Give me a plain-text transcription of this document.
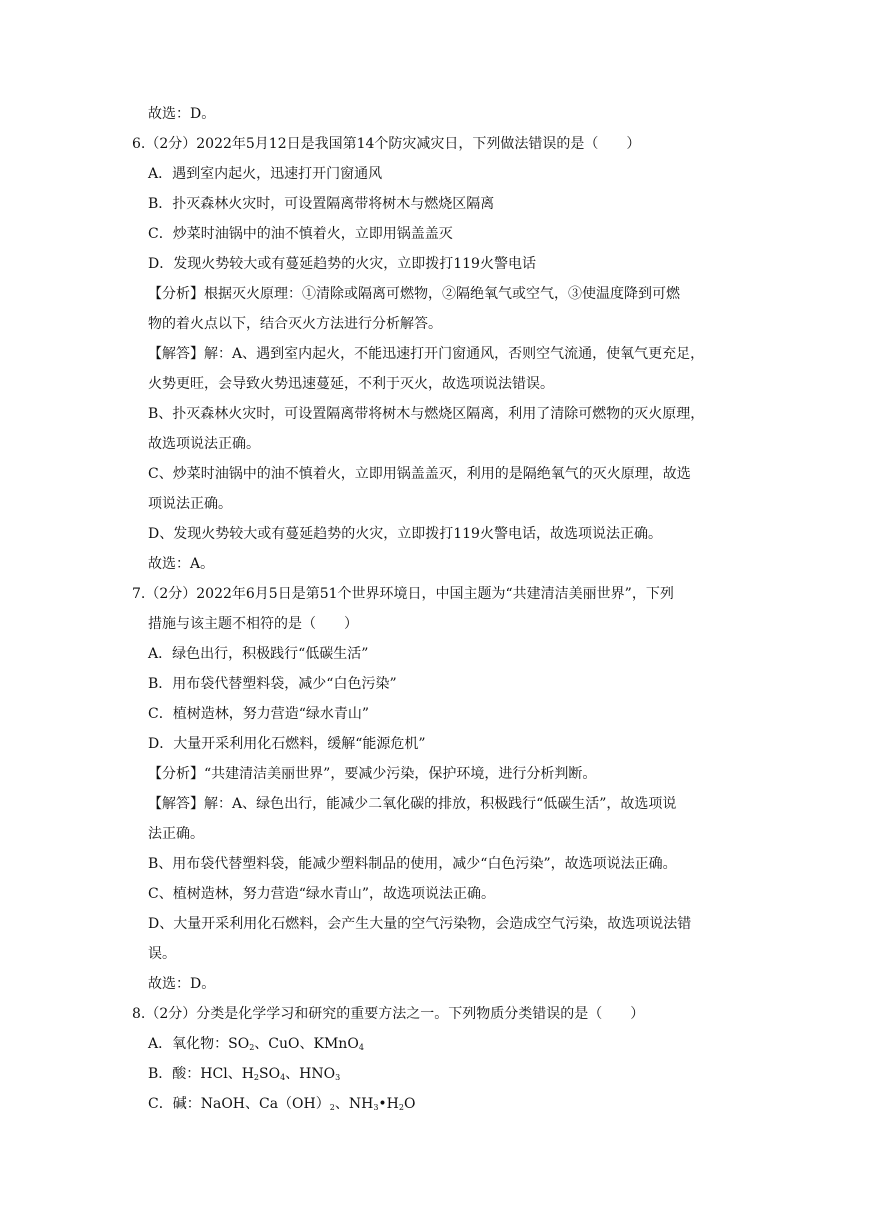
故选：D。
6.（2分）2022年5月12日是我国第14个防灾减灾日，下列做法错误的是（　　）
A．遇到室内起火，迅速打开门窗通风
B．扑灭森林火灾时，可设置隔离带将树木与燃烧区隔离
C．炒菜时油锅中的油不慎着火，立即用锅盖盖灭
D．发现火势较大或有蔓延趋势的火灾，立即拨打119火警电话
【分析】根据灭火原理：①清除或隔离可燃物，②隔绝氧气或空气，③使温度降到可燃
物的着火点以下，结合灭火方法进行分析解答。
【解答】解：A、遇到室内起火，不能迅速打开门窗通风，否则空气流通，使氧气更充足，
火势更旺，会导致火势迅速蔓延，不利于灭火，故选项说法错误。
B、扑灭森林火灾时，可设置隔离带将树木与燃烧区隔离，利用了清除可燃物的灭火原理，
故选项说法正确。
C、炒菜时油锅中的油不慎着火，立即用锅盖盖灭，利用的是隔绝氧气的灭火原理，故选
项说法正确。
D、发现火势较大或有蔓延趋势的火灾，立即拨打119火警电话，故选项说法正确。
故选：A。
7.（2分）2022年6月5日是第51个世界环境日，中国主题为“共建清洁美丽世界”，下列
措施与该主题不相符的是（　　）
A．绿色出行，积极践行“低碳生活”
B．用布袋代替塑料袋，减少“白色污染”
C．植树造林，努力营造“绿水青山”
D．大量开采利用化石燃料，缓解“能源危机”
【分析】“共建清洁美丽世界”，要减少污染，保护环境，进行分析判断。
【解答】解：A、绿色出行，能减少二氧化碳的排放，积极践行“低碳生活”，故选项说
法正确。
B、用布袋代替塑料袋，能减少塑料制品的使用，减少“白色污染”，故选项说法正确。
C、植树造林，努力营造“绿水青山”，故选项说法正确。
D、大量开采利用化石燃料，会产生大量的空气污染物，会造成空气污染，故选项说法错
误。
故选：D。
8.（2分）分类是化学学习和研究的重要方法之一。下列物质分类错误的是（　　）
A．氧化物：$SO_2$、CuO、KMnO$_4$
B．酸：HCl、$H_2SO_4$、$HNO_3$
C．碱：NaOH、$Ca(OH)_2$、$NH_3•H_2O$
